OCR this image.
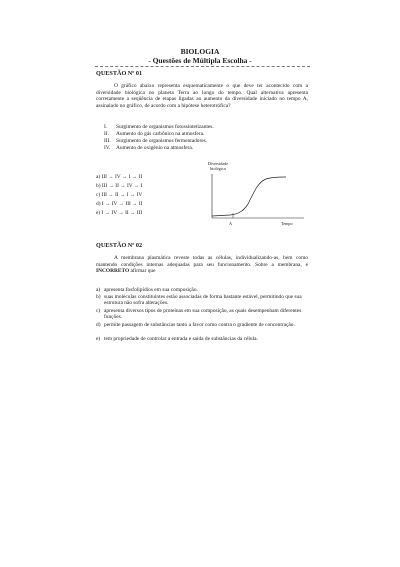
BIOLOGIA
- Questões de Múltipla Escolha -
QUESTÃO Nº 01

O gráfico abaixo representa esquematicamente o que deve ter acontecido com a diversidade biológica no planeta Terra ao longo do tempo. Qual alternativa apresenta corretamente a seqüência de etapas ligadas ao aumento da diversidade iniciado no tempo A, assinalado no gráfico, de acordo com a hipótese heterotrófica?

I. Surgimento de organismos fotossintetizantes.
II. Aumento do gás carbônico na atmosfera.
III. Surgimento de organismos fermentadores.
IV. Aumento de oxigênio na atmosfera.
a) III → IV → I → II
b) III → II → IV → I
c) III → II → I → IV
d) I → IV → III → II
e) I → IV → II → III
Diversidade
biológica
A	Tempo
QUESTÃO Nº 02

A membrana plasmática reveste todas as células, individualizando-as, bem como mantendo condições internas adequadas para seu funcionamento. Sobre a membrana, é INCORRETO afirmar que

a) apresenta fosfolipídios em sua composição.
b) suas moléculas constituintes estão associadas de forma bastante estável, permitindo que sua estrutura não sofra alterações.
c) apresenta diversos tipos de proteínas em sua composição, as quais desempenham diferentes funções.
d) permite passagem de substâncias tanto a favor como contra o gradiente de concentração.
e) tem propriedade de controlar a entrada e saída de substâncias da célula.
